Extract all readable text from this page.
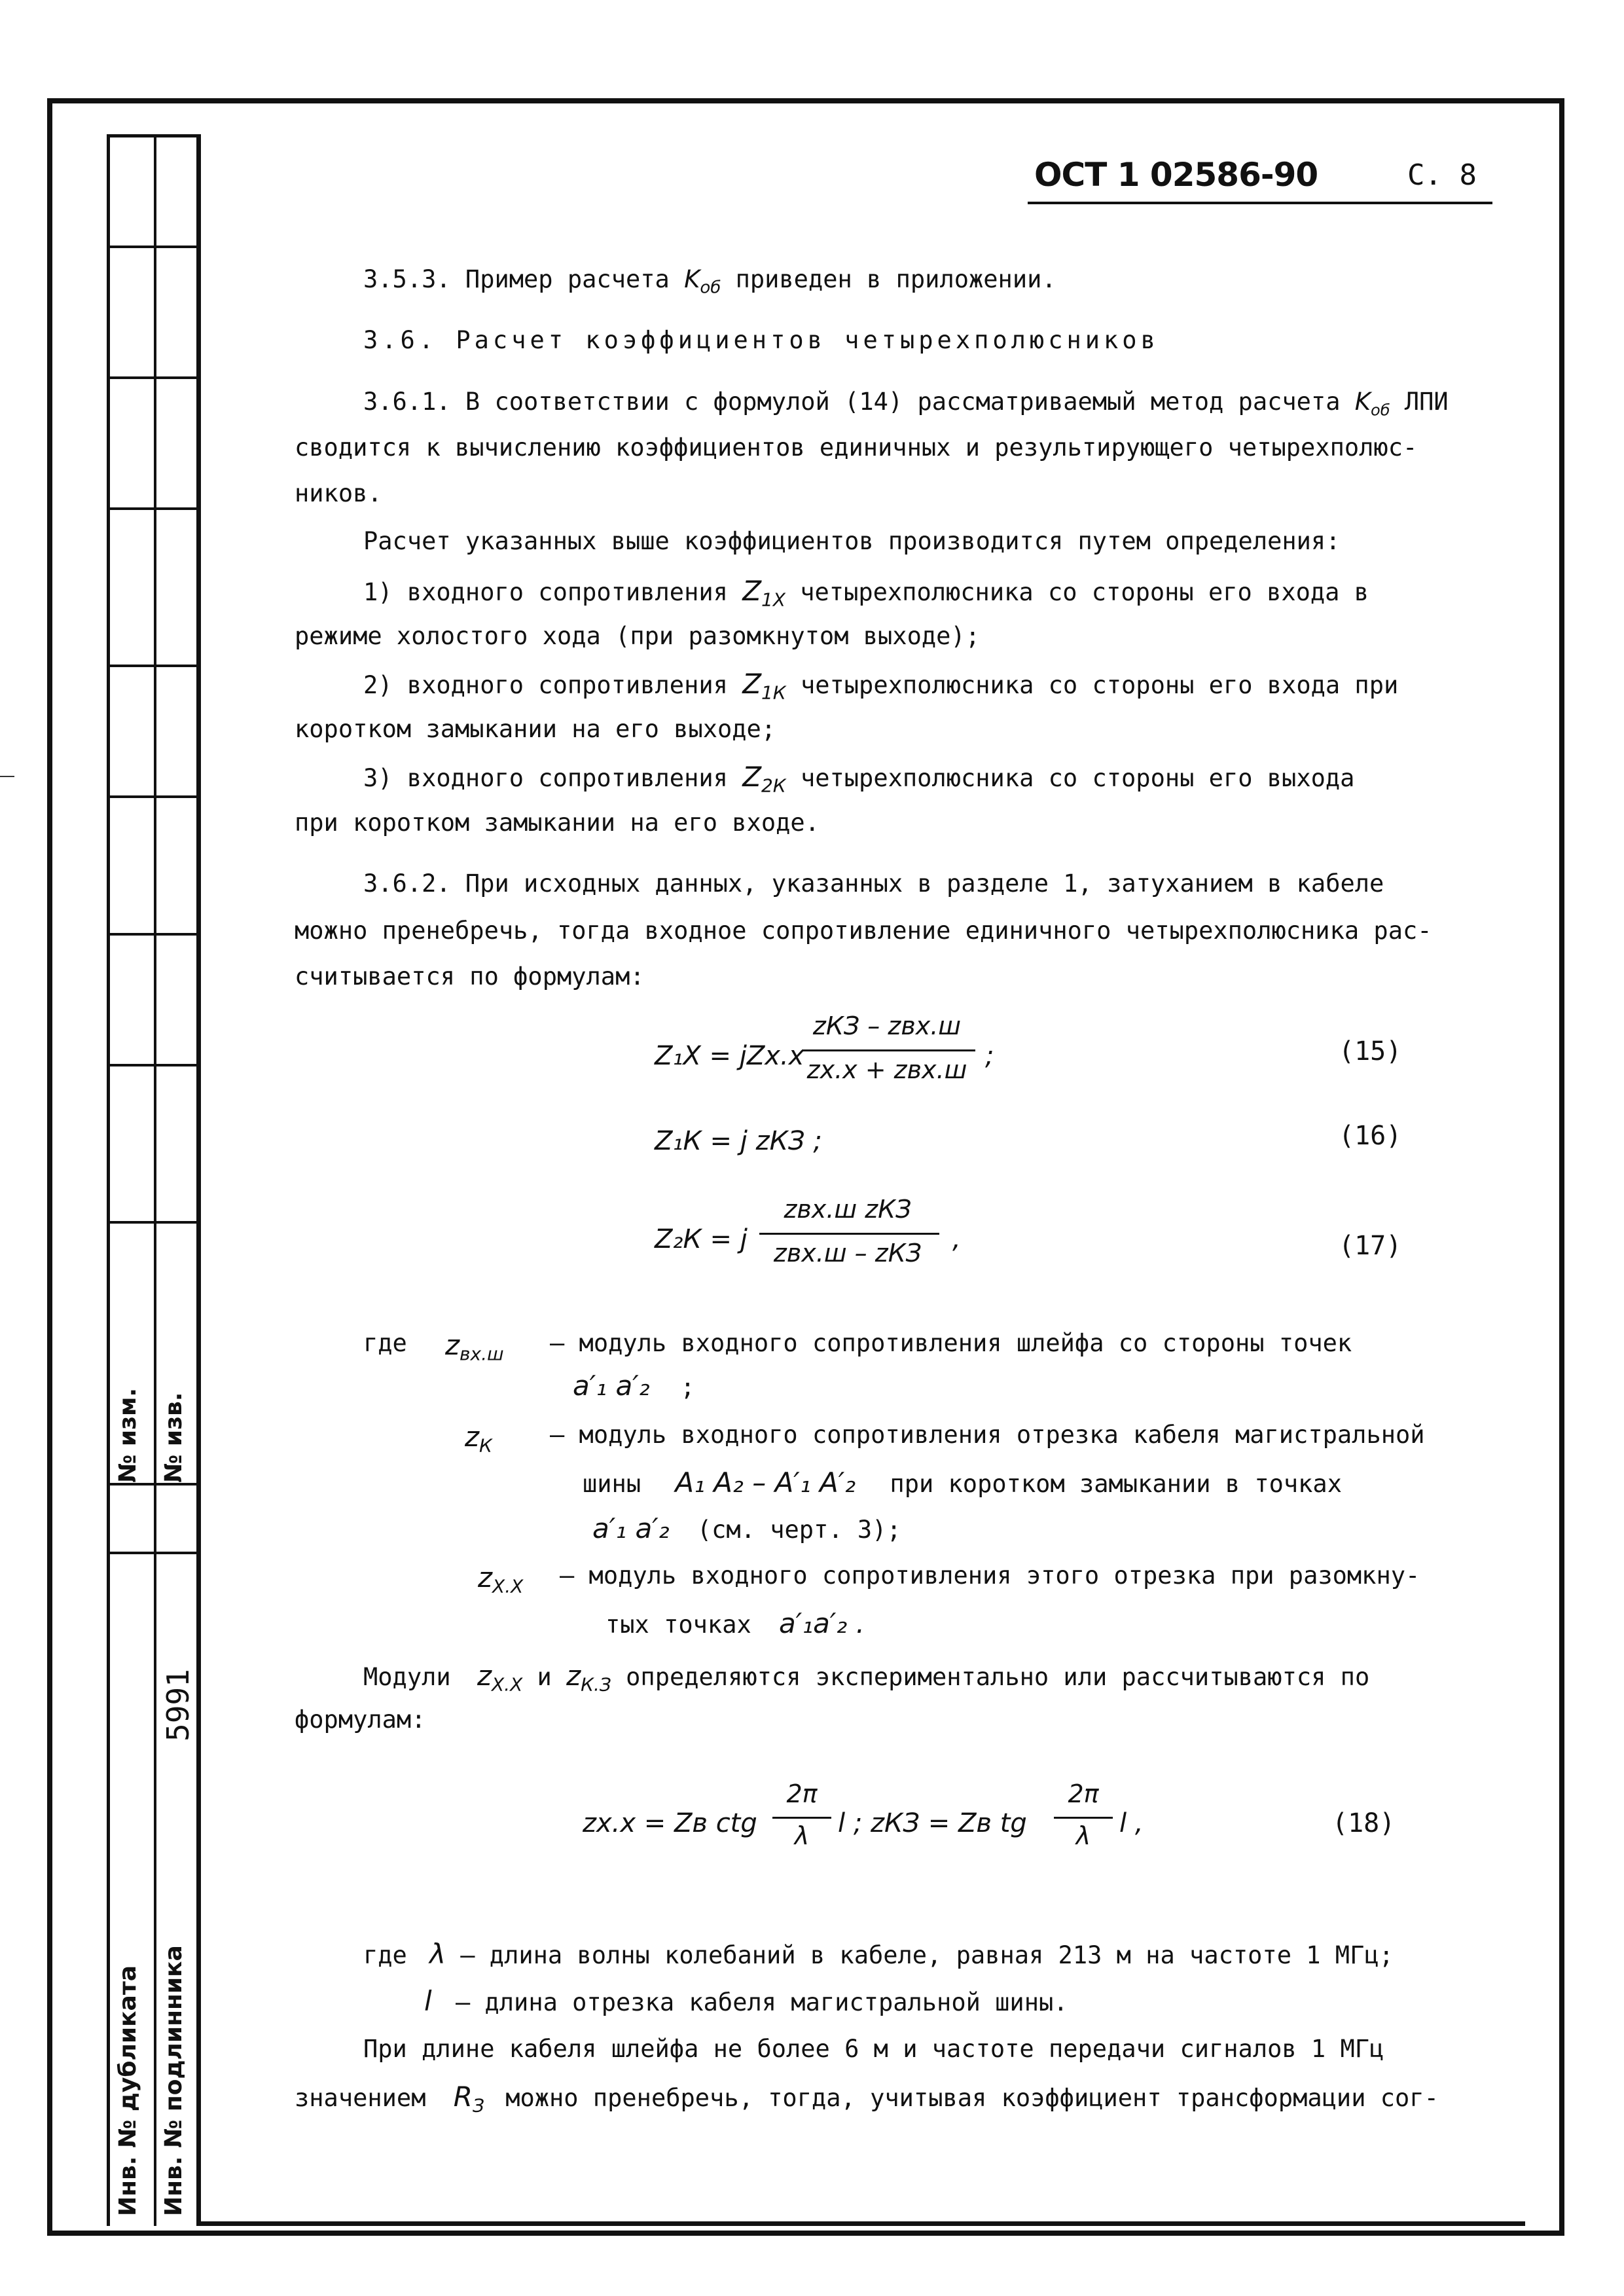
№ изм. № изв.
5991
Инв. № дубликата Инв. № подлинника
ОСТ 1 02586-90	С. 8
3.5.3. Пример расчета $K_{об}$ приведен в приложении.
3.6. Расчет коэффициентов четырехполюсников
3.6.1. В соответствии с формулой (14) рассматриваемый метод расчета $K_{об}$ ЛПИ
сводится к вычислению коэффициентов единичных и результирующего четырехполюс-
ников.
Расчет указанных выше коэффициентов производится путем определения:
1) входного сопротивления $Z_{1Х}$ четырехполюсника со стороны его входа в
режиме холостого хода (при разомкнутом выходе);
2) входного сопротивления $Z_{1К}$ четырехполюсника со стороны его входа при
коротком замыкании на его выходе;
3) входного сопротивления $Z_{2К}$ четырехполюсника со стороны его выхода
при коротком замыкании на его входе.
3.6.2. При исходных данных, указанных в разделе 1, затуханием в кабеле
можно пренебречь, тогда входное сопротивление единичного четырехполюсника рас-
считывается по формулам:
Z₁Х = jZх.х
zКЗ – zвх.ш
zх.х + zвх.ш ;	(15)
Z₁К = j zКЗ ;	(16)
Z₂К = j
zвх.ш zКЗ
zвх.ш – zКЗ	,	(17)
где $z_{вх.ш}$ – модуль входного сопротивления шлейфа со стороны точек
a′₁ a′₂ ;
$z_К$ – модуль входного сопротивления отрезка кабеля магистральной
шины A₁ A₂ – A′₁ A′₂ при коротком замыкании в точках
a′₁ a′₂ (см. черт. 3);
$z_{Х.Х}$ – модуль входного сопротивления этого отрезка при разомкну-
тых точках a′₁a′₂ .
Модули $z_{Х.Х}$ и $z_{К.З}$ определяются экспериментально или рассчитываются по
формулам:
zх.х = Zв ctg
2π
λ	l ; zКЗ = Zв tg
2π
λ	l ,	(18)
где λ – длина волны колебаний в кабеле, равная 213 м на частоте 1 МГц;
l – длина отрезка кабеля магистральной шины.
При длине кабеля шлейфа не более 6 м и частоте передачи сигналов 1 МГц
значением $R_З$ можно пренебречь, тогда, учитывая коэффициент трансформации сог-
